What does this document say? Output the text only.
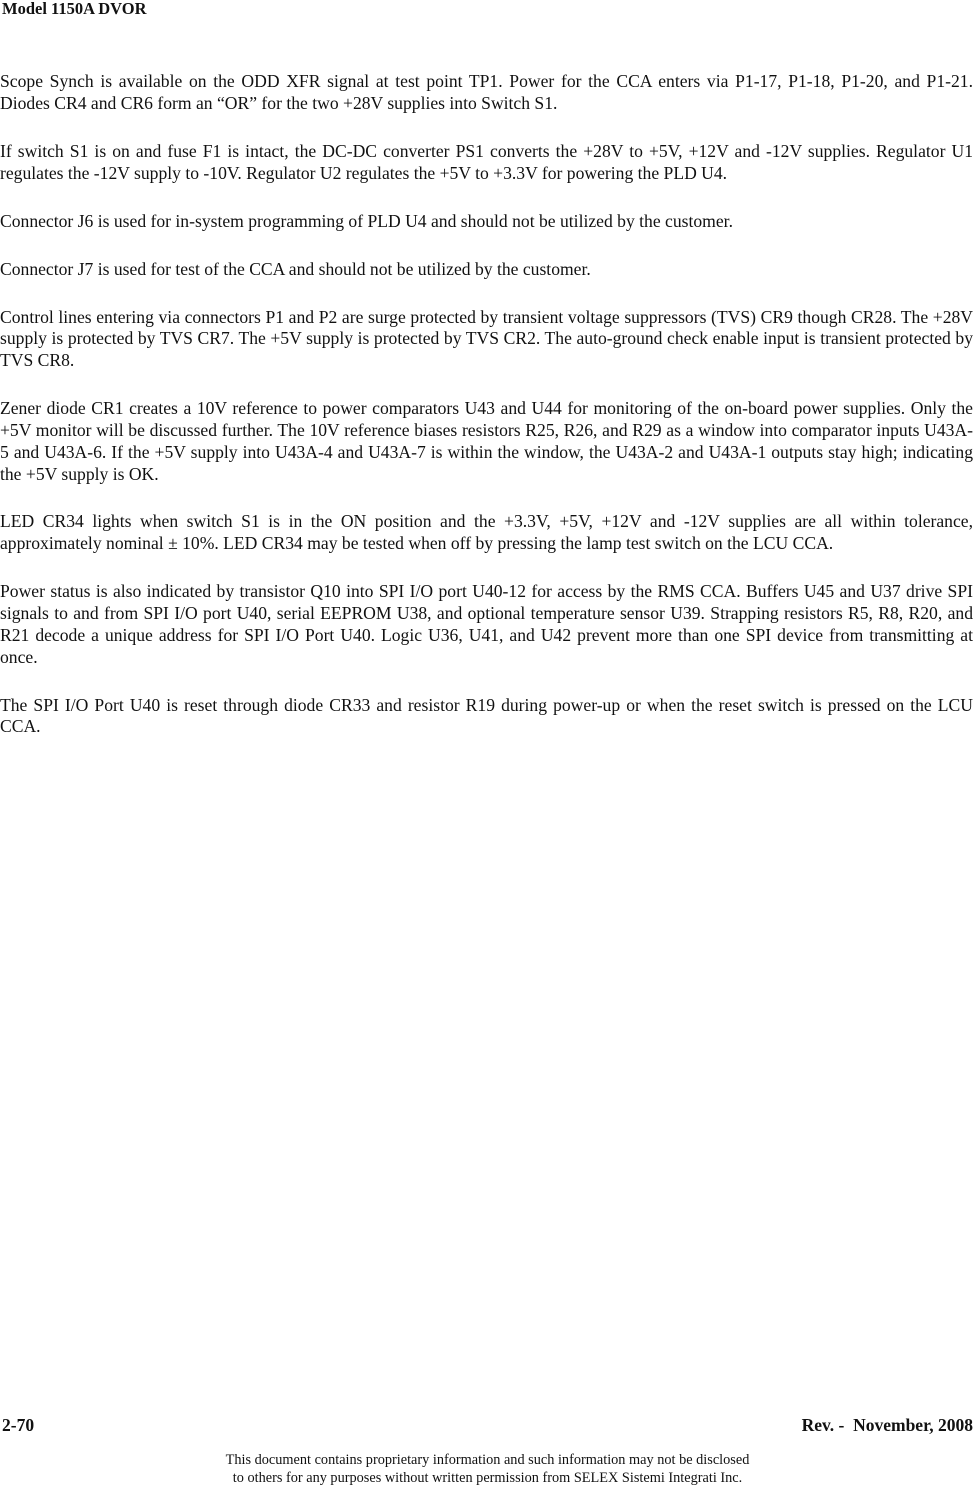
Model 1150A DVOR

Scope Synch is available on the ODD XFR signal at test point TP1. Power for the CCA enters via P1-17, P1-18, P1-20, and P1-21. Diodes CR4 and CR6 form an “OR” for the two +28V supplies into Switch S1.

If switch S1 is on and fuse F1 is intact, the DC-DC converter PS1 converts the +28V to +5V, +12V and -12V supplies. Regulator U1 regulates the -12V supply to -10V. Regulator U2 regulates the +5V to +3.3V for powering the PLD U4.

Connector J6 is used for in-system programming of PLD U4 and should not be utilized by the customer.

Connector J7 is used for test of the CCA and should not be utilized by the customer.

Control lines entering via connectors P1 and P2 are surge protected by transient voltage suppressors (TVS) CR9 though CR28. The +28V supply is protected by TVS CR7. The +5V supply is protected by TVS CR2. The auto-ground check enable input is transient protected by TVS CR8.

Zener diode CR1 creates a 10V reference to power comparators U43 and U44 for monitoring of the on-board power supplies. Only the +5V monitor will be discussed further. The 10V reference biases resistors R25, R26, and R29 as a window into comparator inputs U43A-5 and U43A-6. If the +5V supply into U43A-4 and U43A-7 is within the window, the U43A-2 and U43A-1 outputs stay high; indicating the +5V supply is OK.

LED CR34 lights when switch S1 is in the ON position and the +3.3V, +5V, +12V and -12V supplies are all within tolerance, approximately nominal ± 10%. LED CR34 may be tested when off by pressing the lamp test switch on the LCU CCA.

Power status is also indicated by transistor Q10 into SPI I/O port U40-12 for access by the RMS CCA. Buffers U45 and U37 drive SPI signals to and from SPI I/O port U40, serial EEPROM U38, and optional temperature sensor U39. Strapping resistors R5, R8, R20, and R21 decode a unique address for SPI I/O Port U40. Logic U36, U41, and U42 prevent more than one SPI device from transmitting at once.

The SPI I/O Port U40 is reset through diode CR33 and resistor R19 during power-up or when the reset switch is pressed on the LCU CCA.

2-70	Rev. -  November, 2008
This document contains proprietary information and such information may not be disclosed
to others for any purposes without written permission from SELEX Sistemi Integrati Inc.
